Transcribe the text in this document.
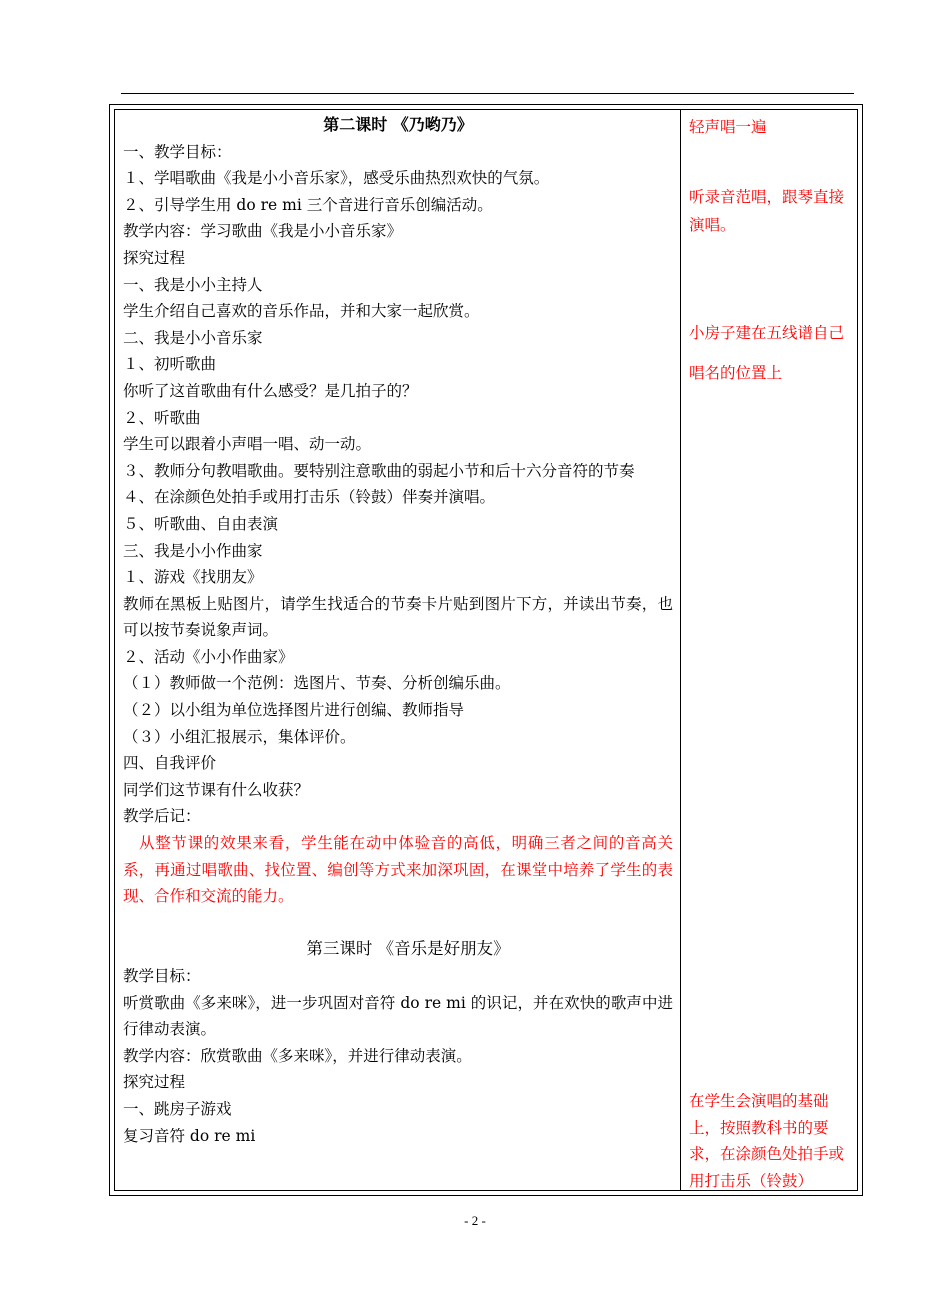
第二课时 《乃哟乃》
一、教学目标：
１、学唱歌曲《我是小小音乐家》，感受乐曲热烈欢快的气氛。
２、引导学生用 do re mi 三个音进行音乐创编活动。
教学内容：学习歌曲《我是小小音乐家》
探究过程
一、我是小小主持人
学生介绍自己喜欢的音乐作品，并和大家一起欣赏。
二、我是小小音乐家
１、初听歌曲
你听了这首歌曲有什么感受？是几拍子的？
２、听歌曲
学生可以跟着小声唱一唱、动一动。
３、教师分句教唱歌曲。要特别注意歌曲的弱起小节和后十六分音符的节奏
４、在涂颜色处拍手或用打击乐（铃鼓）伴奏并演唱。
５、听歌曲、自由表演
三、我是小小作曲家
１、游戏《找朋友》
教师在黑板上贴图片，请学生找适合的节奏卡片贴到图片下方，并读出节奏，也可以按节奏说象声词。
２、活动《小小作曲家》
（１）教师做一个范例：选图片、节奏、分析创编乐曲。
（２）以小组为单位选择图片进行创编、教师指导
（３）小组汇报展示，集体评价。
四、自我评价
同学们这节课有什么收获？
教学后记：
从整节课的效果来看，学生能在动中体验音的高低，明确三者之间的音高关系，再通过唱歌曲、找位置、编创等方式来加深巩固，在课堂中培养了学生的表现、合作和交流的能力。
第三课时 《音乐是好朋友》
教学目标：
听赏歌曲《多来咪》，进一步巩固对音符 do re mi 的识记，并在欢快的歌声中进行律动表演。
教学内容：欣赏歌曲《多来咪》，并进行律动表演。
探究过程
一、跳房子游戏
复习音符 do re mi

轻声唱一遍

听录音范唱，跟琴直接演唱。

小房子建在五线谱自己唱名的位置上

在学生会演唱的基础上，按照教科书的要求，在涂颜色处拍手或用打击乐（铃鼓）

- 2 -
